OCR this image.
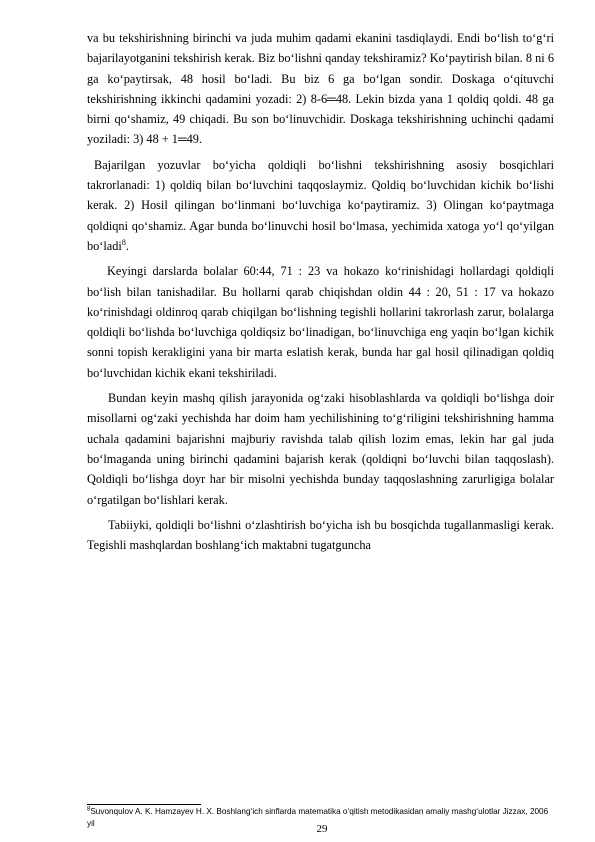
va bu tekshirishning birinchi va juda muhim qadami ekanini tasdiqlaydi. Endi bo‘lish to‘g‘ri bajarilayotganini tekshirish kerak. Biz bo‘lishni qanday tekshiramiz? Ko‘paytirish bilan. 8 ni 6 ga ko‘paytirsak, 48 hosil bo‘ladi. Bu biz 6 ga bo‘lgan sondir. Doskaga o‘qituvchi tekshirishning ikkinchi qadamini yozadi: 2) 8-6═48. Lekin bizda yana 1 qoldiq qoldi. 48 ga birni qo‘shamiz, 49 chiqadi. Bu son bo‘linuvchidir. Doskaga tekshirishning uchinchi qadami yoziladi: 3) 48 + 1═49.

Bajarilgan yozuvlar bo‘yicha qoldiqli bo‘lishni tekshirishning asosiy bosqichlari takrorlanadi: 1) qoldiq bilan bo‘luvchini taqqoslaymiz. Qoldiq bo‘luvchidan kichik bo‘lishi kerak. 2) Hosil qilingan bo‘linmani bo‘luvchiga ko‘paytiramiz. 3) Olingan ko‘paytmaga qoldiqni qo‘shamiz. Agar bunda bo‘linuvchi hosil bo‘lmasa, yechimida xatoga yo‘l qo‘yilgan bo‘ladi$^8$.

Keyingi darslarda bolalar 60:44, 71 : 23 va hokazo ko‘rinishidagi hollardagi qoldiqli bo‘lish bilan tanishadilar. Bu hollarni qarab chiqishdan oldin 44 : 20, 51 : 17 va hokazo ko‘rinishdagi oldinroq qarab chiqilgan bo‘lishning tegishli hollarini takrorlash zarur, bolalarga qoldiqli bo‘lishda bo‘luvchiga qoldiqsiz bo‘linadigan, bo‘linuvchiga eng yaqin bo‘lgan kichik sonni topish kerakligini yana bir marta eslatish kerak, bunda har gal hosil qilinadigan qoldiq bo‘luvchidan kichik ekani tekshiriladi.

Bundan keyin mashq qilish jarayonida og‘zaki hisoblashlarda va qoldiqli bo‘lishga doir misollarni og‘zaki yechishda har doim ham yechilishining to‘g‘riligini tekshirishning hamma uchala qadamini bajarishni majburiy ravishda talab qilish lozim emas, lekin har gal juda bo‘lmaganda uning birinchi qadamini bajarish kerak (qoldiqni bo‘luvchi bilan taqqoslash). Qoldiqli bo‘lishga doyr har bir misolni yechishda bunday taqqoslashning zarurligiga bolalar o‘rgatilgan bo‘lishlari kerak.

Tabiiyki, qoldiqli bo‘lishni o‘zlashtirish bo‘yicha ish bu bosqichda tugallanmasligi kerak. Tegishli mashqlardan boshlang‘ich maktabni tugatguncha

$^8$Suvonqulov A. K. Hamzayev H. X. Boshlang‘ich sinflarda matematika o‘qitish metodikasidan amaliy mashg‘ulotlar Jizzax, 2006 yil	29
